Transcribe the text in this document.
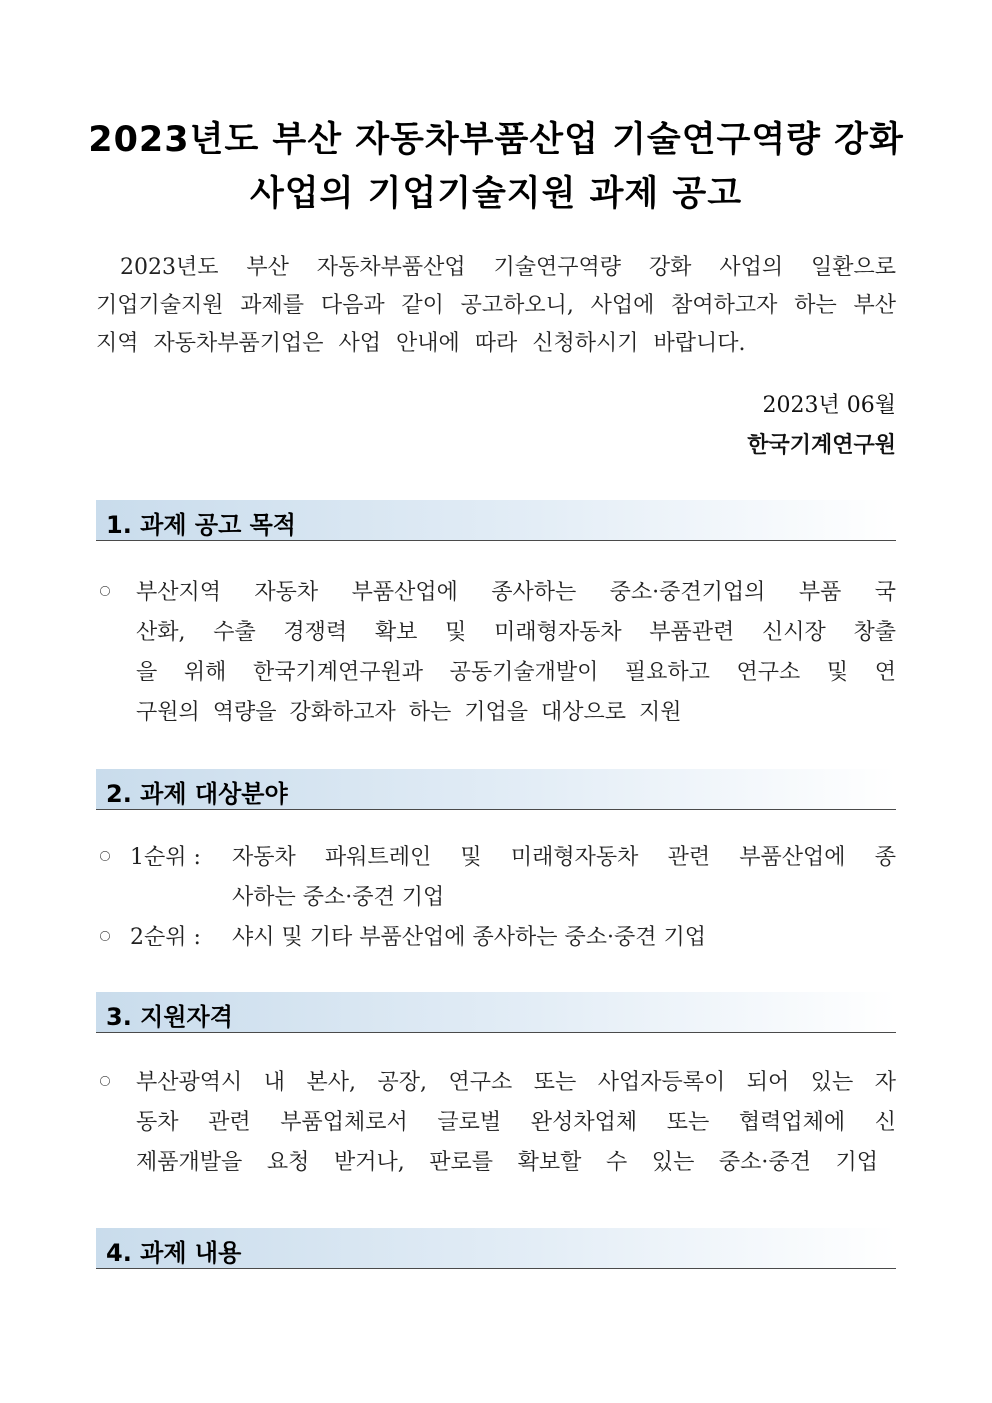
2023년도 부산 자동차부품산업 기술연구역량 강화
사업의 기업기술지원 과제 공고
2023년도 부산 자동차부품산업 기술연구역량 강화 사업의 일환으로
기업기술지원 과제를 다음과 같이 공고하오니, 사업에 참여하고자 하는 부산
지역 자동차부품기업은 사업 안내에 따라 신청하시기 바랍니다.
2023년 06월
한국기계연구원
1. 과제 공고 목적
부산지역 자동차 부품산업에 종사하는 중소·중견기업의 부품 국
산화, 수출 경쟁력 확보 및 미래형자동차 부품관련 신시장 창출
을 위해 한국기계연구원과 공동기술개발이 필요하고 연구소 및 연
구원의 역량을 강화하고자 하는 기업을 대상으로 지원
2. 과제 대상분야
1순위 : 자동차 파워트레인 및 미래형자동차 관련 부품산업에 종
사하는 중소·중견 기업
2순위 : 샤시 및 기타 부품산업에 종사하는 중소·중견 기업
3. 지원자격
부산광역시 내 본사, 공장, 연구소 또는 사업자등록이 되어 있는 자
동차 관련 부품업체로서 글로벌 완성차업체 또는 협력업체에 신
제품개발을 요청 받거나, 판로를 확보할 수 있는 중소·중견 기업
4. 과제 내용
